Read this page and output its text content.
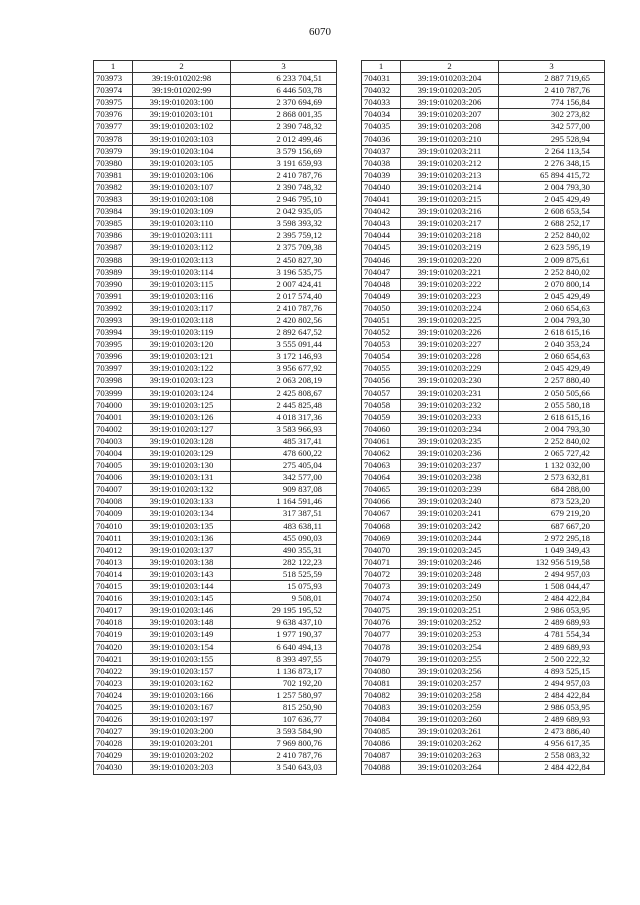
6070
1	2	3
703973	39:19:010202:98	6 233 704,51
703974	39:19:010202:99	6 446 503,78
703975	39:19:010203:100	2 370 694,69
703976	39:19:010203:101	2 868 001,35
703977	39:19:010203:102	2 390 748,32
703978	39:19:010203:103	2 012 499,46
703979	39:19:010203:104	3 579 156,69
703980	39:19:010203:105	3 191 659,93
703981	39:19:010203:106	2 410 787,76
703982	39:19:010203:107	2 390 748,32
703983	39:19:010203:108	2 946 795,10
703984	39:19:010203:109	2 042 935,05
703985	39:19:010203:110	3 598 393,32
703986	39:19:010203:111	2 395 759,12
703987	39:19:010203:112	2 375 709,38
703988	39:19:010203:113	2 450 827,30
703989	39:19:010203:114	3 196 535,75
703990	39:19:010203:115	2 007 424,41
703991	39:19:010203:116	2 017 574,40
703992	39:19:010203:117	2 410 787,76
703993	39:19:010203:118	2 420 802,56
703994	39:19:010203:119	2 892 647,52
703995	39:19:010203:120	3 555 091,44
703996	39:19:010203:121	3 172 146,93
703997	39:19:010203:122	3 956 677,92
703998	39:19:010203:123	2 063 208,19
703999	39:19:010203:124	2 425 808,67
704000	39:19:010203:125	2 445 825,48
704001	39:19:010203:126	4 018 317,36
704002	39:19:010203:127	3 583 966,93
704003	39:19:010203:128	485 317,41
704004	39:19:010203:129	478 600,22
704005	39:19:010203:130	275 405,04
704006	39:19:010203:131	342 577,00
704007	39:19:010203:132	909 837,08
704008	39:19:010203:133	1 164 591,46
704009	39:19:010203:134	317 387,51
704010	39:19:010203:135	483 638,11
704011	39:19:010203:136	455 090,03
704012	39:19:010203:137	490 355,31
704013	39:19:010203:138	282 122,23
704014	39:19:010203:143	518 525,59
704015	39:19:010203:144	15 075,93
704016	39:19:010203:145	9 508,01
704017	39:19:010203:146	29 195 195,52
704018	39:19:010203:148	9 638 437,10
704019	39:19:010203:149	1 977 190,37
704020	39:19:010203:154	6 640 494,13
704021	39:19:010203:155	8 393 497,55
704022	39:19:010203:157	1 136 873,17
704023	39:19:010203:162	702 192,20
704024	39:19:010203:166	1 257 580,97
704025	39:19:010203:167	815 250,90
704026	39:19:010203:197	107 636,77
704027	39:19:010203:200	3 593 584,90
704028	39:19:010203:201	7 969 800,76
704029	39:19:010203:202	2 410 787,76
704030	39:19:010203:203	3 540 643,03
1	2	3
704031	39:19:010203:204	2 887 719,65
704032	39:19:010203:205	2 410 787,76
704033	39:19:010203:206	774 156,84
704034	39:19:010203:207	302 273,82
704035	39:19:010203:208	342 577,00
704036	39:19:010203:210	295 528,94
704037	39:19:010203:211	2 264 113,54
704038	39:19:010203:212	2 276 348,15
704039	39:19:010203:213	65 894 415,72
704040	39:19:010203:214	2 004 793,30
704041	39:19:010203:215	2 045 429,49
704042	39:19:010203:216	2 608 653,54
704043	39:19:010203:217	2 688 252,17
704044	39:19:010203:218	2 252 840,02
704045	39:19:010203:219	2 623 595,19
704046	39:19:010203:220	2 009 875,61
704047	39:19:010203:221	2 252 840,02
704048	39:19:010203:222	2 070 800,14
704049	39:19:010203:223	2 045 429,49
704050	39:19:010203:224	2 060 654,63
704051	39:19:010203:225	2 004 793,30
704052	39:19:010203:226	2 618 615,16
704053	39:19:010203:227	2 040 353,24
704054	39:19:010203:228	2 060 654,63
704055	39:19:010203:229	2 045 429,49
704056	39:19:010203:230	2 257 880,40
704057	39:19:010203:231	2 050 505,66
704058	39:19:010203:232	2 055 580,18
704059	39:19:010203:233	2 618 615,16
704060	39:19:010203:234	2 004 793,30
704061	39:19:010203:235	2 252 840,02
704062	39:19:010203:236	2 065 727,42
704063	39:19:010203:237	1 132 032,00
704064	39:19:010203:238	2 573 632,81
704065	39:19:010203:239	684 288,00
704066	39:19:010203:240	873 523,20
704067	39:19:010203:241	679 219,20
704068	39:19:010203:242	687 667,20
704069	39:19:010203:244	2 972 295,18
704070	39:19:010203:245	1 049 349,43
704071	39:19:010203:246	132 956 519,58
704072	39:19:010203:248	2 494 957,03
704073	39:19:010203:249	1 508 044,47
704074	39:19:010203:250	2 484 422,84
704075	39:19:010203:251	2 986 053,95
704076	39:19:010203:252	2 489 689,93
704077	39:19:010203:253	4 781 554,34
704078	39:19:010203:254	2 489 689,93
704079	39:19:010203:255	2 500 222,32
704080	39:19:010203:256	4 893 525,15
704081	39:19:010203:257	2 494 957,03
704082	39:19:010203:258	2 484 422,84
704083	39:19:010203:259	2 986 053,95
704084	39:19:010203:260	2 489 689,93
704085	39:19:010203:261	2 473 886,40
704086	39:19:010203:262	4 956 617,35
704087	39:19:010203:263	2 558 083,32
704088	39:19:010203:264	2 484 422,84
